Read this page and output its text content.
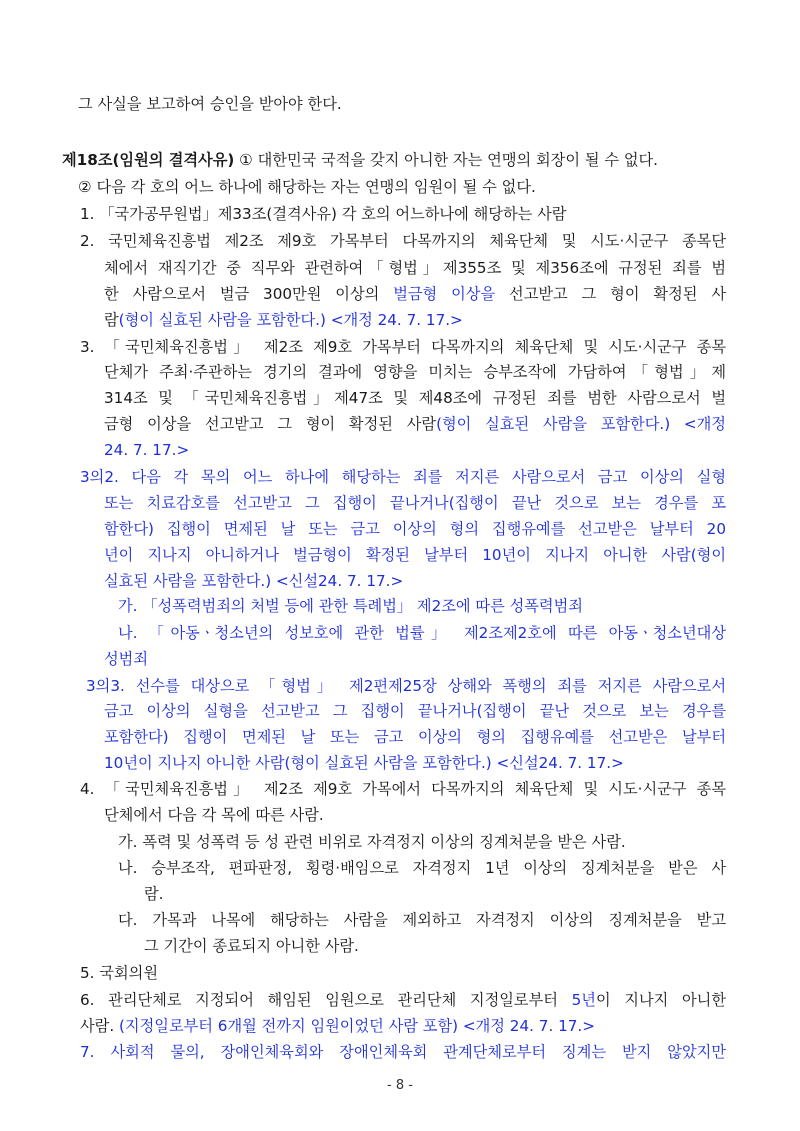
그 사실을 보고하여 승인을 받아야 한다.
제18조(임원의 결격사유) ① 대한민국 국적을 갖지 아니한 자는 연맹의 회장이 될 수 없다.
② 다음 각 호의 어느 하나에 해당하는 자는 연맹의 임원이 될 수 없다.
1. 「국가공무원법」제33조(결격사유) 각 호의 어느하나에 해당하는 사람
2. 국민체육진흥법 제2조 제9호 가목부터 다목까지의 체육단체 및 시도·시군구 종목단
체에서 재직기간 중 직무와 관련하여「형법」제355조 및 제356조에 규정된 죄를 범
한 사람으로서 벌금 300만원 이상의 벌금형 이상을 선고받고 그 형이 확정된 사
람(형이 실효된 사람을 포함한다.) <개정 24. 7. 17.>
3. 「국민체육진흥법」 제2조 제9호 가목부터 다목까지의 체육단체 및 시도·시군구 종목
단체가 주최·주관하는 경기의 결과에 영향을 미치는 승부조작에 가담하여「형법」제
314조 및 「국민체육진흥법」제47조 및 제48조에 규정된 죄를 범한 사람으로서 벌
금형 이상을 선고받고 그 형이 확정된 사람(형이 실효된 사람을 포함한다.) <개정
24. 7. 17.>
3의2. 다음 각 목의 어느 하나에 해당하는 죄를 저지른 사람으로서 금고 이상의 실형
또는 치료감호를 선고받고 그 집행이 끝나거나(집행이 끝난 것으로 보는 경우를 포
함한다) 집행이 면제된 날 또는 금고 이상의 형의 집행유예를 선고받은 날부터 20
년이 지나지 아니하거나 벌금형이 확정된 날부터 10년이 지나지 아니한 사람(형이
실효된 사람을 포함한다.) <신설24. 7. 17.>
가. 「성폭력범죄의 처벌 등에 관한 특례법」 제2조에 따른 성폭력범죄
나. 「아동ㆍ청소년의 성보호에 관한 법률」 제2조제2호에 따른 아동ㆍ청소년대상
성범죄
3의3. 선수를 대상으로 「형법」 제2편제25장 상해와 폭행의 죄를 저지른 사람으로서
금고 이상의 실형을 선고받고 그 집행이 끝나거나(집행이 끝난 것으로 보는 경우를
포함한다) 집행이 면제된 날 또는 금고 이상의 형의 집행유예를 선고받은 날부터
10년이 지나지 아니한 사람(형이 실효된 사람을 포함한다.) <신설24. 7. 17.>
4. 「국민체육진흥법」 제2조 제9호 가목에서 다목까지의 체육단체 및 시도·시군구 종목
단체에서 다음 각 목에 따른 사람.
가. 폭력 및 성폭력 등 성 관련 비위로 자격정지 이상의 징계처분을 받은 사람.
나. 승부조작, 편파판정, 횡령·배임으로 자격정지 1년 이상의 징계처분을 받은 사
람.
다. 가목과 나목에 해당하는 사람을 제외하고 자격정지 이상의 징계처분을 받고
그 기간이 종료되지 아니한 사람.
5. 국회의원
6. 관리단체로 지정되어 해임된 임원으로 관리단체 지정일로부터 5년이 지나지 아니한
사람. (지정일로부터 6개월 전까지 임원이었던 사람 포함) <개정 24. 7. 17.>
7. 사회적 물의, 장애인체육회와 장애인체육회 관계단체로부터 징계는 받지 않았지만
- 8 -
